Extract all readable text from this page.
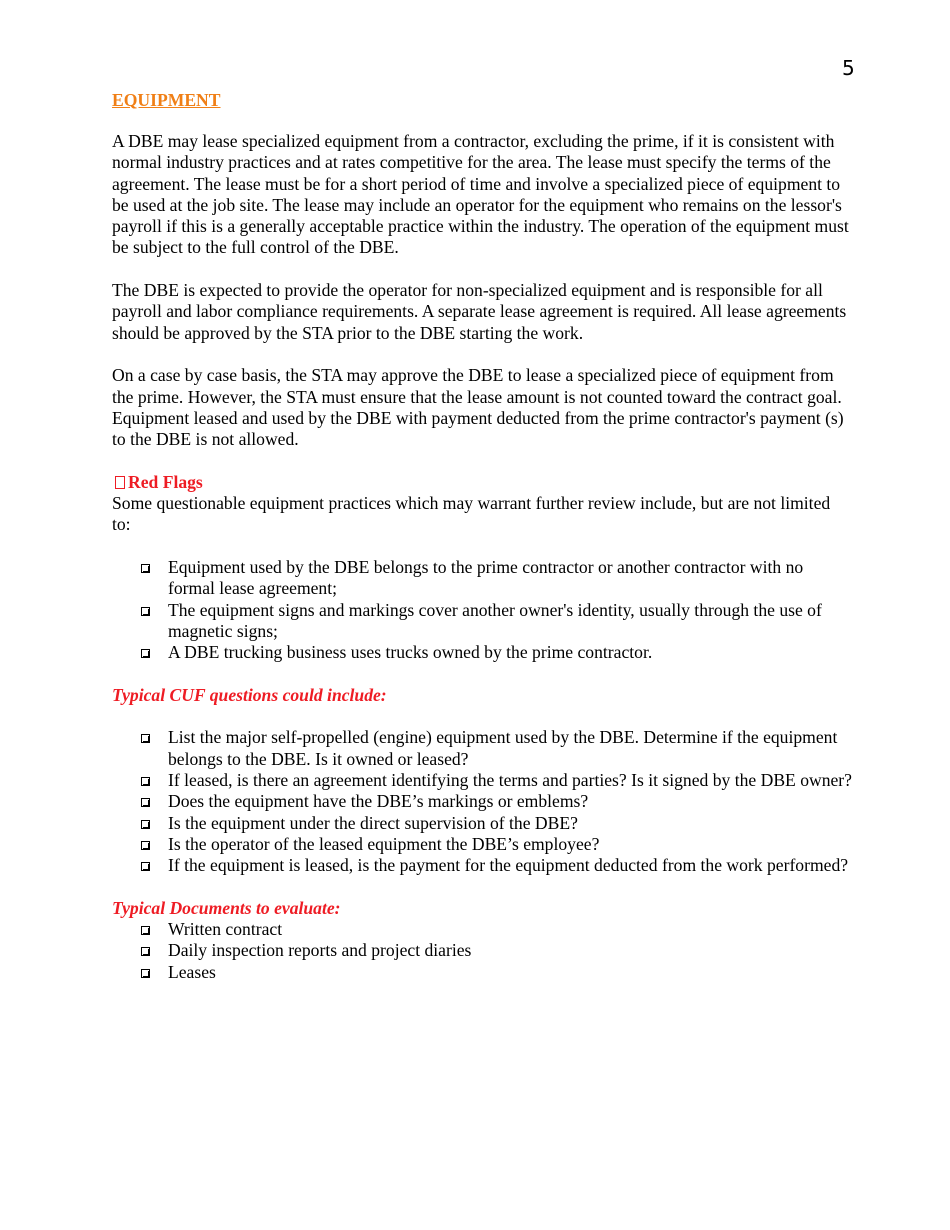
5
EQUIPMENT

A DBE may lease specialized equipment from a contractor, excluding the prime, if it is consistent with normal industry practices and at rates competitive for the area. The lease must specify the terms of the agreement. The lease must be for a short period of time and involve a specialized piece of equipment to be used at the job site. The lease may include an operator for the equipment who remains on the lessor's payroll if this is a generally acceptable practice within the industry. The operation of the equipment must be subject to the full control of the DBE.

The DBE is expected to provide the operator for non-specialized equipment and is responsible for all payroll and labor compliance requirements. A separate lease agreement is required. All lease agreements should be approved by the STA prior to the DBE starting the work.

On a case by case basis, the STA may approve the DBE to lease a specialized piece of equipment from the prime. However, the STA must ensure that the lease amount is not counted toward the contract goal. Equipment leased and used by the DBE with payment deducted from the prime contractor's payment (s) to the DBE is not allowed.

Red Flags
Some questionable equipment practices which may warrant further review include, but are not limited to:
Equipment used by the DBE belongs to the prime contractor or another contractor with no formal lease agreement;
The equipment signs and markings cover another owner's identity, usually through the use of magnetic signs;
A DBE trucking business uses trucks owned by the prime contractor.
Typical CUF questions could include:
List the major self-propelled (engine) equipment used by the DBE. Determine if the equipment belongs to the DBE. Is it owned or leased?
If leased, is there an agreement identifying the terms and parties? Is it signed by the DBE owner?
Does the equipment have the DBE’s markings or emblems?
Is the equipment under the direct supervision of the DBE?
Is the operator of the leased equipment the DBE’s employee?
If the equipment is leased, is the payment for the equipment deducted from the work performed?
Typical Documents to evaluate:
Written contract
Daily inspection reports and project diaries
Leases
